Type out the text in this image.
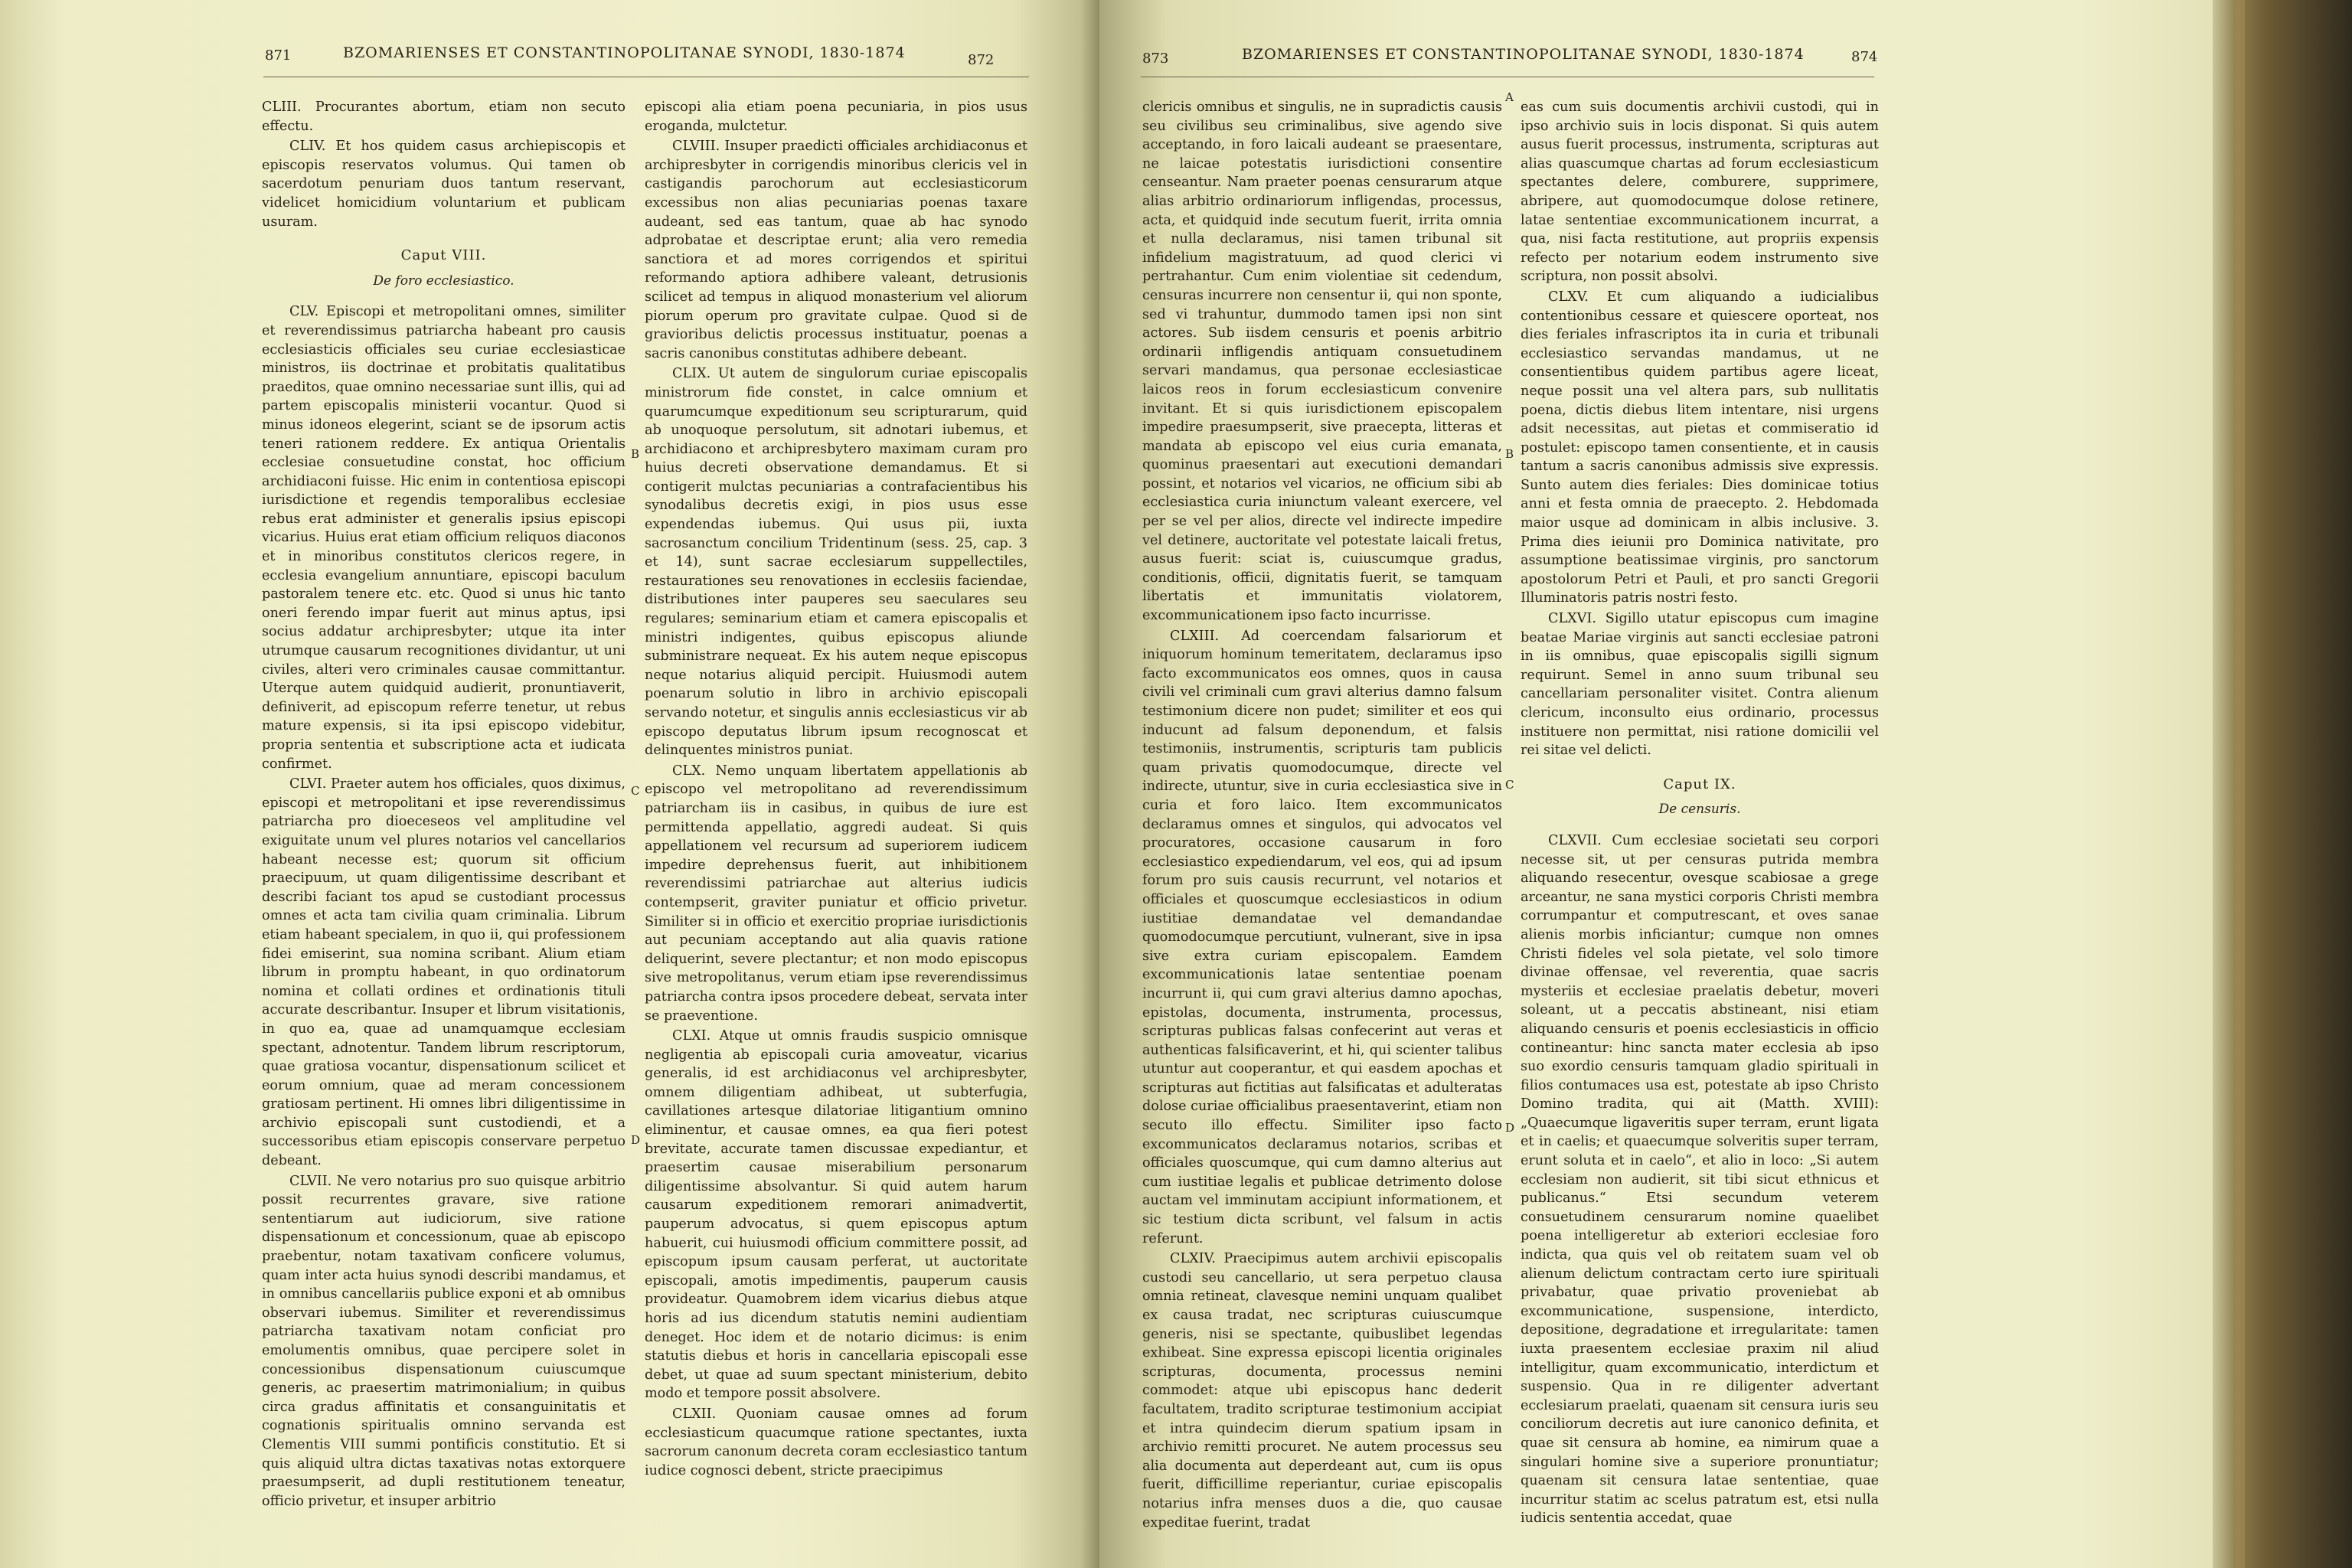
871	BZOMARIENSES ET CONSTANTINOPOLITANAE SYNODI, 1830-1874	872

CLIII. Procurantes abortum, etiam non secuto effectu.

CLIV. Et hos quidem casus archiepiscopis et episcopis reservatos volumus. Qui tamen ob sacerdotum penuriam duos tantum reservant, videlicet homicidium voluntarium et publicam usuram.

Caput VIII.
De foro ecclesiastico.

CLV. Episcopi et metropolitani omnes, similiter et reverendissimus patriarcha habeant pro causis ecclesiasticis officiales seu curiae ecclesiasticae ministros, iis doctrinae et probitatis qualitatibus praeditos, quae omnino necessariae sunt illis, qui ad partem episcopalis ministerii vocantur. Quod si minus idoneos elegerint, sciant se de ipsorum actis teneri rationem reddere. Ex antiqua Orientalis ecclesiae consuetudine constat, hoc officium archidiaconi fuisse. Hic enim in contentiosa episcopi iurisdictione et regendis temporalibus ecclesiae rebus erat administer et generalis ipsius episcopi vicarius. Huius erat etiam officium reliquos diaconos et in minoribus constitutos clericos regere, in ecclesia evangelium annuntiare, episcopi baculum pastoralem tenere etc. etc. Quod si unus hic tanto oneri ferendo impar fuerit aut minus aptus, ipsi socius addatur archipresbyter; utque ita inter utrumque causarum recognitiones dividantur, ut uni civiles, alteri vero criminales causae committantur. Uterque autem quidquid audierit, pronuntiaverit, definiverit, ad episcopum referre tenetur, ut rebus mature expensis, si ita ipsi episcopo videbitur, propria sententia et subscriptione acta et iudicata confirmet.

CLVI. Praeter autem hos officiales, quos diximus, episcopi et metropolitani et ipse reverendissimus patriarcha pro dioeceseos vel amplitudine vel exiguitate unum vel plures notarios vel cancellarios habeant necesse est; quorum sit officium praecipuum, ut quam diligentissime describant et describi faciant tos apud se custodiant processus omnes et acta tam civilia quam criminalia. Librum etiam habeant specialem, in quo ii, qui professionem fidei emiserint, sua nomina scribant. Alium etiam librum in promptu habeant, in quo ordinatorum nomina et collati ordines et ordinationis tituli accurate describantur. Insuper et librum visitationis, in quo ea, quae ad unamquamque ecclesiam spectant, adnotentur. Tandem librum rescriptorum, quae gratiosa vocantur, dispensationum scilicet et eorum omnium, quae ad meram concessionem gratiosam pertinent. Hi omnes libri diligentissime in archivio episcopali sunt custodiendi, et a successoribus etiam episcopis conservare perpetuo debeant.

CLVII. Ne vero notarius pro suo quisque arbitrio possit recurrentes gravare, sive ratione sententiarum aut iudiciorum, sive ratione dispensationum et concessionum, quae ab episcopo praebentur, notam taxativam conficere volumus, quam inter acta huius synodi describi mandamus, et in omnibus cancellariis publice exponi et ab omnibus observari iubemus. Similiter et reverendissimus patriarcha taxativam notam conficiat pro emolumentis omnibus, quae percipere solet in concessionibus dispensationum cuiuscumque generis, ac praesertim matrimonialium; in quibus circa gradus affinitatis et consanguinitatis et cognationis spiritualis omnino servanda est Clementis VIII summi pontificis constitutio. Et si quis aliquid ultra dictas taxativas notas extorquere praesumpserit, ad dupli restitutionem teneatur, officio privetur, et insuper arbitrio

B
C
D

episcopi alia etiam poena pecuniaria, in pios usus eroganda, mulctetur.

CLVIII. Insuper praedicti officiales archidiaconus et archipresbyter in corrigendis minoribus clericis vel in castigandis parochorum aut ecclesiasticorum excessibus non alias pecuniarias poenas taxare audeant, sed eas tantum, quae ab hac synodo adprobatae et descriptae erunt; alia vero remedia sanctiora et ad mores corrigendos et spiritui reformando aptiora adhibere valeant, detrusionis scilicet ad tempus in aliquod monasterium vel aliorum piorum operum pro gravitate culpae. Quod si de gravioribus delictis processus instituatur, poenas a sacris canonibus constitutas adhibere debeant.

CLIX. Ut autem de singulorum curiae episcopalis ministrorum fide constet, in calce omnium et quarumcumque expeditionum seu scripturarum, quid ab unoquoque persolutum, sit adnotari iubemus, et archidiacono et archipresbytero maximam curam pro huius decreti observatione demandamus. Et si contigerit mulctas pecuniarias a contrafacientibus his synodalibus decretis exigi, in pios usus esse expendendas iubemus. Qui usus pii, iuxta sacrosanctum concilium Tridentinum (sess. 25, cap. 3 et 14), sunt sacrae ecclesiarum suppellectiles, restaurationes seu renovationes in ecclesiis faciendae, distributiones inter pauperes seu saeculares seu regulares; seminarium etiam et camera episcopalis et ministri indigentes, quibus episcopus aliunde subministrare nequeat. Ex his autem neque episcopus neque notarius aliquid percipit. Huiusmodi autem poenarum solutio in libro in archivio episcopali servando notetur, et singulis annis ecclesiasticus vir ab episcopo deputatus librum ipsum recognoscat et delinquentes ministros puniat.

CLX. Nemo unquam libertatem appellationis ab episcopo vel metropolitano ad reverendissimum patriarcham iis in casibus, in quibus de iure est permittenda appellatio, aggredi audeat. Si quis appellationem vel recursum ad superiorem iudicem impedire deprehensus fuerit, aut inhibitionem reverendissimi patriarchae aut alterius iudicis contempserit, graviter puniatur et officio privetur. Similiter si in officio et exercitio propriae iurisdictionis aut pecuniam acceptando aut alia quavis ratione deliquerint, severe plectantur; et non modo episcopus sive metropolitanus, verum etiam ipse reverendissimus patriarcha contra ipsos procedere debeat, servata inter se praeventione.

CLXI. Atque ut omnis fraudis suspicio omnisque negligentia ab episcopali curia amoveatur, vicarius generalis, id est archidiaconus vel archipresbyter, omnem diligentiam adhibeat, ut subterfugia, cavillationes artesque dilatoriae litigantium omnino eliminentur, et causae omnes, ea qua fieri potest brevitate, accurate tamen discussae expediantur, et praesertim causae miserabilium personarum diligentissime absolvantur. Si quid autem harum causarum expeditionem remorari animadvertit, pauperum advocatus, si quem episcopus aptum habuerit, cui huiusmodi officium committere possit, ad episcopum ipsum causam perferat, ut auctoritate episcopali, amotis impedimentis, pauperum causis provideatur. Quamobrem idem vicarius diebus atque horis ad ius dicendum statutis nemini audientiam deneget. Hoc idem et de notario dicimus: is enim statutis diebus et horis in cancellaria episcopali esse debet, ut quae ad suum spectant ministerium, debito modo et tempore possit absolvere.

CLXII. Quoniam causae omnes ad forum ecclesiasticum quacumque ratione spectantes, iuxta sacrorum canonum decreta coram ecclesiastico tantum iudice cognosci debent, stricte praecipimus

873	BZOMARIENSES ET CONSTANTINOPOLITANAE SYNODI, 1830-1874	874

clericis omnibus et singulis, ne in supradictis causis seu civilibus seu criminalibus, sive agendo sive acceptando, in foro laicali audeant se praesentare, ne laicae potestatis iurisdictioni consentire censeantur. Nam praeter poenas censurarum atque alias arbitrio ordinariorum infligendas, processus, acta, et quidquid inde secutum fuerit, irrita omnia et nulla declaramus, nisi tamen tribunal sit infidelium magistratuum, ad quod clerici vi pertrahantur. Cum enim violentiae sit cedendum, censuras incurrere non censentur ii, qui non sponte, sed vi trahuntur, dummodo tamen ipsi non sint actores. Sub iisdem censuris et poenis arbitrio ordinarii infligendis antiquam consuetudinem servari mandamus, qua personae ecclesiasticae laicos reos in forum ecclesiasticum convenire invitant. Et si quis iurisdictionem episcopalem impedire praesumpserit, sive praecepta, litteras et mandata ab episcopo vel eius curia emanata, quominus praesentari aut executioni demandari possint, et notarios vel vicarios, ne officium sibi ab ecclesiastica curia iniunctum valeant exercere, vel per se vel per alios, directe vel indirecte impedire vel detinere, auctoritate vel potestate laicali fretus, ausus fuerit: sciat is, cuiuscumque gradus, conditionis, officii, dignitatis fuerit, se tamquam libertatis et immunitatis violatorem, excommunicationem ipso facto incurrisse.

CLXIII. Ad coercendam falsariorum et iniquorum hominum temeritatem, declaramus ipso facto excommunicatos eos omnes, quos in causa civili vel criminali cum gravi alterius damno falsum testimonium dicere non pudet; similiter et eos qui inducunt ad falsum deponendum, et falsis testimoniis, instrumentis, scripturis tam publicis quam privatis quomodocumque, directe vel indirecte, utuntur, sive in curia ecclesiastica sive in curia et foro laico. Item excommunicatos declaramus omnes et singulos, qui advocatos vel procuratores, occasione causarum in foro ecclesiastico expediendarum, vel eos, qui ad ipsum forum pro suis causis recurrunt, vel notarios et officiales et quoscumque ecclesiasticos in odium iustitiae demandatae vel demandandae quomodocumque percutiunt, vulnerant, sive in ipsa sive extra curiam episcopalem. Eamdem excommunicationis latae sententiae poenam incurrunt ii, qui cum gravi alterius damno apochas, epistolas, documenta, instrumenta, processus, scripturas publicas falsas confecerint aut veras et authenticas falsificaverint, et hi, qui scienter talibus utuntur aut cooperantur, et qui easdem apochas et scripturas aut fictitias aut falsificatas et adulteratas dolose curiae officialibus praesentaverint, etiam non secuto illo effectu. Similiter ipso facto excommunicatos declaramus notarios, scribas et officiales quoscumque, qui cum damno alterius aut cum iustitiae legalis et publicae detrimento dolose auctam vel imminutam accipiunt informationem, et sic testium dicta scribunt, vel falsum in actis referunt.

CLXIV. Praecipimus autem archivii episcopalis custodi seu cancellario, ut sera perpetuo clausa omnia retineat, clavesque nemini unquam qualibet ex causa tradat, nec scripturas cuiuscumque generis, nisi se spectante, quibuslibet legendas exhibeat. Sine expressa episcopi licentia originales scripturas, documenta, processus nemini commodet: atque ubi episcopus hanc dederit facultatem, tradito scripturae testimonium accipiat et intra quindecim dierum spatium ipsam in archivio remitti procuret. Ne autem processus seu alia documenta aut deperdeant aut, cum iis opus fuerit, difficillime reperiantur, curiae episcopalis notarius infra menses duos a die, quo causae expeditae fuerint, tradat

A
B
C
D

eas cum suis documentis archivii custodi, qui in ipso archivio suis in locis disponat. Si quis autem ausus fuerit processus, instrumenta, scripturas aut alias quascumque chartas ad forum ecclesiasticum spectantes delere, comburere, supprimere, abripere, aut quomodocumque dolose retinere, latae sententiae excommunicationem incurrat, a qua, nisi facta restitutione, aut propriis expensis refecto per notarium eodem instrumento sive scriptura, non possit absolvi.

CLXV. Et cum aliquando a iudicialibus contentionibus cessare et quiescere oporteat, nos dies feriales infrascriptos ita in curia et tribunali ecclesiastico servandas mandamus, ut ne consentientibus quidem partibus agere liceat, neque possit una vel altera pars, sub nullitatis poena, dictis diebus litem intentare, nisi urgens adsit necessitas, aut pietas et commiseratio id postulet: episcopo tamen consentiente, et in causis tantum a sacris canonibus admissis sive expressis. Sunto autem dies feriales: Dies dominicae totius anni et festa omnia de praecepto. 2. Hebdomada maior usque ad dominicam in albis inclusive. 3. Prima dies ieiunii pro Dominica nativitate, pro assumptione beatissimae virginis, pro sanctorum apostolorum Petri et Pauli, et pro sancti Gregorii Illuminatoris patris nostri festo.

CLXVI. Sigillo utatur episcopus cum imagine beatae Mariae virginis aut sancti ecclesiae patroni in iis omnibus, quae episcopalis sigilli signum requirunt. Semel in anno suum tribunal seu cancellariam personaliter visitet. Contra alienum clericum, inconsulto eius ordinario, processus instituere non permittat, nisi ratione domicilii vel rei sitae vel delicti.

Caput IX.
De censuris.

CLXVII. Cum ecclesiae societati seu corpori necesse sit, ut per censuras putrida membra aliquando resecentur, ovesque scabiosae a grege arceantur, ne sana mystici corporis Christi membra corrumpantur et computrescant, et oves sanae alienis morbis inficiantur; cumque non omnes Christi fideles vel sola pietate, vel solo timore divinae offensae, vel reverentia, quae sacris mysteriis et ecclesiae praelatis debetur, moveri soleant, ut a peccatis abstineant, nisi etiam aliquando censuris et poenis ecclesiasticis in officio contineantur: hinc sancta mater ecclesia ab ipso suo exordio censuris tamquam gladio spirituali in filios contumaces usa est, potestate ab ipso Christo Domino tradita, qui ait (Matth. XVIII): „Quaecumque ligaveritis super terram, erunt ligata et in caelis; et quaecumque solveritis super terram, erunt soluta et in caelo“, et alio in loco: „Si autem ecclesiam non audierit, sit tibi sicut ethnicus et publicanus.“ Etsi secundum veterem consuetudinem censurarum nomine quaelibet poena intelligeretur ab exteriori ecclesiae foro indicta, qua quis vel ob reitatem suam vel ob alienum delictum contractam certo iure spirituali privabatur, quae privatio proveniebat ab excommunicatione, suspensione, interdicto, depositione, degradatione et irregularitate: tamen iuxta praesentem ecclesiae praxim nil aliud intelligitur, quam excommunicatio, interdictum et suspensio. Qua in re diligenter advertant ecclesiarum praelati, quaenam sit censura iuris seu conciliorum decretis aut iure canonico definita, et quae sit censura ab homine, ea nimirum quae a singulari homine sive a superiore pronuntiatur; quaenam sit censura latae sententiae, quae incurritur statim ac scelus patratum est, etsi nulla iudicis sententia accedat, quae
